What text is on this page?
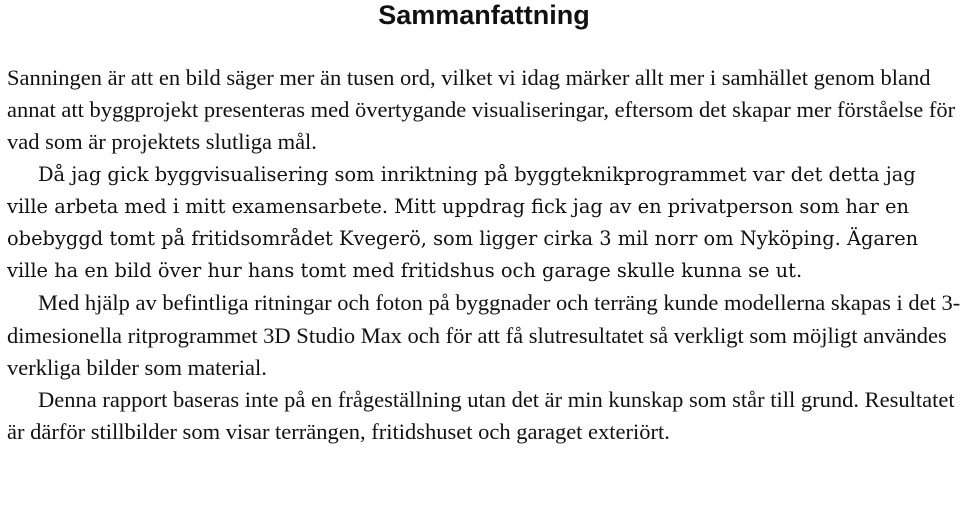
Sammanfattning

Sanningen är att en bild säger mer än tusen ord, vilket vi idag märker allt mer i samhället genom bland annat att byggprojekt presenteras med övertygande visualiseringar, eftersom det skapar mer förståelse för vad som är projektets slutliga mål.

Då jag gick byggvisualisering som inriktning på byggteknikprogrammet var det detta jag ville arbeta med i mitt examensarbete. Mitt uppdrag fick jag av en privatperson som har en obebyggd tomt på fritidsområdet Kvegerö, som ligger cirka 3 mil norr om Nyköping. Ägaren ville ha en bild över hur hans tomt med fritidshus och garage skulle kunna se ut.

Med hjälp av befintliga ritningar och foton på byggnader och terräng kunde modellerna skapas i det 3-dimesionella ritprogrammet 3D Studio Max och för att få slutresultatet så verkligt som möjligt användes verkliga bilder som material.

Denna rapport baseras inte på en frågeställning utan det är min kunskap som står till grund. Resultatet är därför stillbilder som visar terrängen, fritidshuset och garaget exteriört.
